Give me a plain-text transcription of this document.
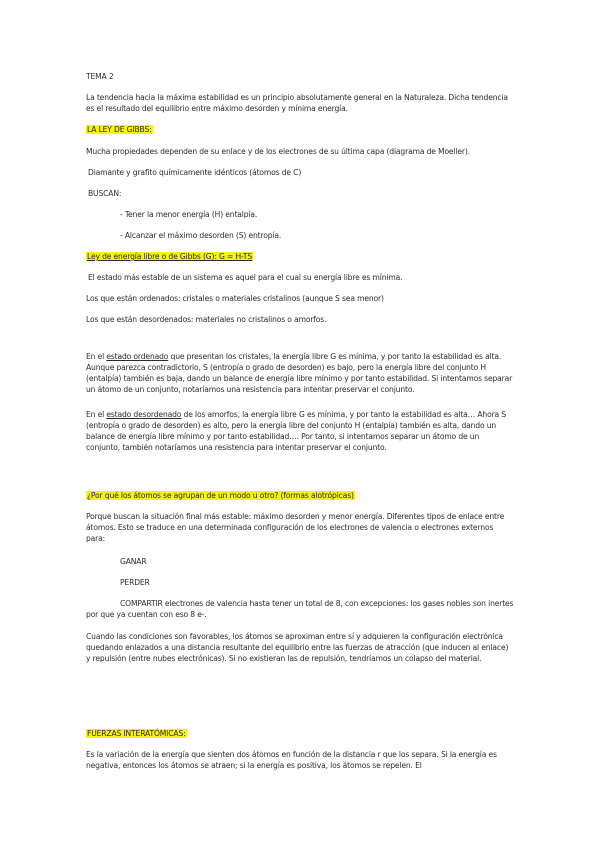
TEMA 2

La tendencia hacia la máxima estabilidad es un principio absolutamente general en la Naturaleza. Dicha tendencia es el resultado del equilibrio entre máximo desorden y mínima energía.

LA LEY DE GIBBS:

Mucha propiedades dependen de su enlace y de los electrones de su última capa (diagrama de Moeller).

Diamante y grafito químicamente idénticos (átomos de C)

BUSCAN:

- Tener la menor energía (H) entalpía.

- Alcanzar el máximo desorden (S) entropía.

Ley de energía libre o de Gibbs (G): G = H-TS

El estado más estable de un sistema es aquel para el cual su energía libre es mínima.

Los que están ordenados: cristales o materiales cristalinos (aunque S sea menor)

Los que están desordenados: materiales no cristalinos o amorfos.

En el estado ordenado que presentan los cristales, la energía libre G es mínima, y por tanto la estabilidad es alta. Aunque parezca contradictorio, S (entropía o grado de desorden) es bajo, pero la energía libre del conjunto H (entalpía) también es baja, dando un balance de energía libre mínimo y por tanto estabilidad. Si intentamos separar un átomo de un conjunto, notaríamos una resistencia para intentar preservar el conjunto.

En el estado desordenado de los amorfos, la energía libre G es mínima, y por tanto la estabilidad es alta… Ahora S (entropía o grado de desorden) es alto, pero la energía libre del conjunto H (entalpía) también es alta, dando un balance de energía libre mínimo y por tanto estabilidad…. Por tanto, si intentamos separar un átomo de un conjunto, también notaríamos una resistencia para intentar preservar el conjunto.

¿Por qué los átomos se agrupan de un modo u otro? (formas alotrópicas)

Porque buscan la situación final más estable: máximo desorden y menor energía. Diferentes tipos de enlace entre átomos. Esto se traduce en una determinada configuración de los electrones de valencia o electrones externos para:

GANAR

PERDER

COMPARTIR electrones de valencia hasta tener un total de 8, con excepciones: los gases nobles son inertes por que ya cuentan con eso 8 e-.

Cuando las condiciones son favorables, los átomos se aproximan entre sí y adquieren la configuración electrónica quedando enlazados a una distancia resultante del equilibrio entre las fuerzas de atracción (que inducen al enlace) y repulsión (entre nubes electrónicas). Si no existieran las de repulsión, tendríamos un colapso del material.

FUERZAS INTERATÓMICAS:

Es la variación de la energía que sienten dos átomos en función de la distancia r que los separa. Si la energía es negativa, entonces los átomos se atraen; si la energía es positiva, los átomos se repelen. El
